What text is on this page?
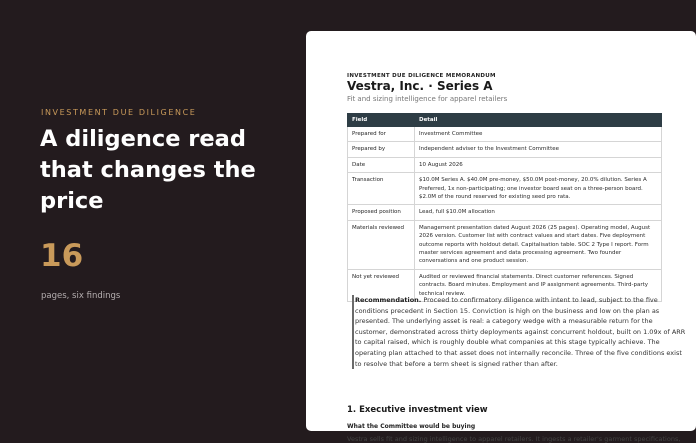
INVESTMENT DUE DILIGENCE
A diligence read that changes the price
16
pages, six findings
INVESTMENT DUE DILIGENCE MEMORANDUM
Vestra, Inc. · Series A
Fit and sizing intelligence for apparel retailers
Field	Detail
Prepared for	Investment Committee
Prepared by	Independent adviser to the Investment Committee
Date	10 August 2026
Transaction	$10.0M Series A. $40.0M pre-money, $50.0M post-money, 20.0% dilution. Series A Preferred, 1x non-participating; one investor board seat on a three-person board. $2.0M of the round reserved for existing seed pro rata.
Proposed position	Lead, full $10.0M allocation
Materials reviewed	Management presentation dated August 2026 (25 pages). Operating model, August 2026 version. Customer list with contract values and start dates. Five deployment outcome reports with holdout detail. Capitalisation table. SOC 2 Type I report. Form master services agreement and data processing agreement. Two founder conversations and one product session.
Not yet reviewed	Audited or reviewed financial statements. Direct customer references. Signed contracts. Board minutes. Employment and IP assignment agreements. Third-party technical review.
Recommendation. Proceed to confirmatory diligence with intent to lead, subject to the five conditions precedent in Section 15. Conviction is high on the business and low on the plan as presented. The underlying asset is real: a category wedge with a measurable return for the customer, demonstrated across thirty deployments against concurrent holdout, built on 1.09x of ARR to capital raised, which is roughly double what companies at this stage typically achieve. The operating plan attached to that asset does not internally reconcile. Three of the five conditions exist to resolve that before a term sheet is signed rather than after.
1. Executive investment view
What the Committee would be buying
Vestra sells fit and sizing intelligence to apparel retailers. It ingests a retailer's garment specifications,
